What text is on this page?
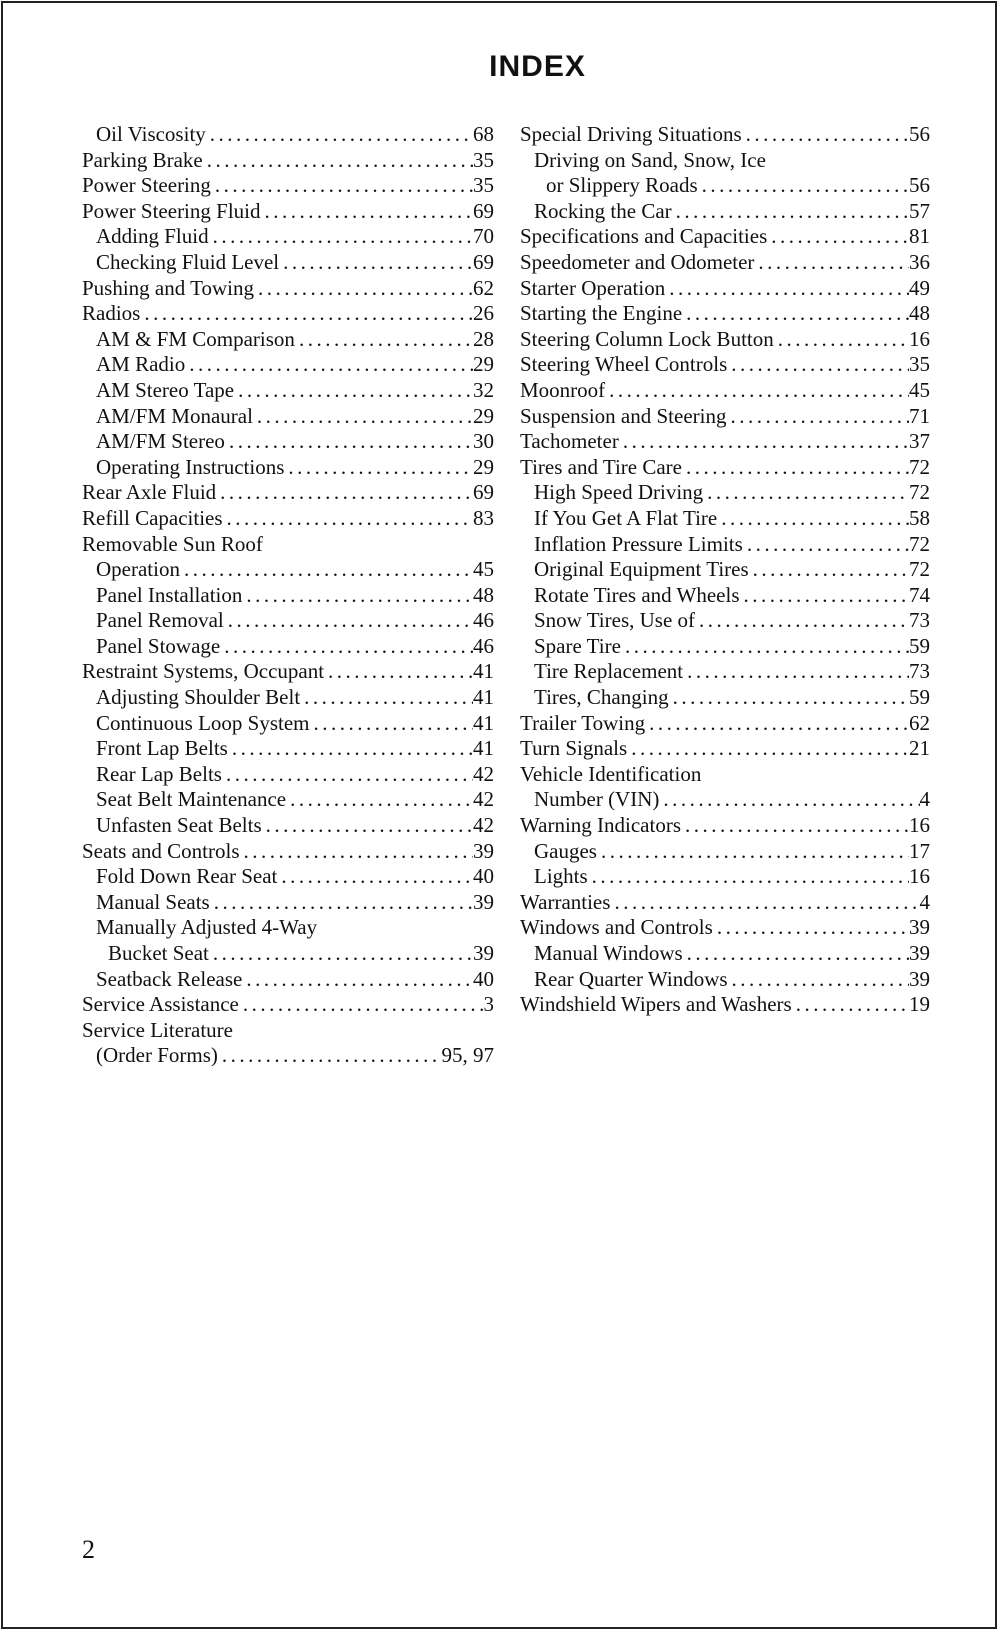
INDEX
Oil Viscosity .....	68
Parking Brake .....	35
Power Steering .....	35
Power Steering Fluid .....	69
Adding Fluid .....	70
Checking Fluid Level .....	69
Pushing and Towing .....	62
Radios .....	26
AM & FM Comparison .....	28
AM Radio .....	29
AM Stereo Tape .....	32
AM/FM Monaural .....	29
AM/FM Stereo .....	30
Operating Instructions .....	29
Rear Axle Fluid .....	69
Refill Capacities .....	83
Removable Sun Roof
Operation .....	45
Panel Installation .....	48
Panel Removal .....	46
Panel Stowage .....	46
Restraint Systems, Occupant .....	41
Adjusting Shoulder Belt .....	41
Continuous Loop System .....	41
Front Lap Belts .....	41
Rear Lap Belts .....	42
Seat Belt Maintenance .....	42
Unfasten Seat Belts .....	42
Seats and Controls .....	39
Fold Down Rear Seat .....	40
Manual Seats .....	39
Manually Adjusted 4-Way
Bucket Seat .....	39
Seatback Release .....	40
Service Assistance .....	3
Service Literature
(Order Forms) .....	95, 97
Special Driving Situations .....	56
Driving on Sand, Snow, Ice
or Slippery Roads .....	56
Rocking the Car .....	57
Specifications and Capacities .....	81
Speedometer and Odometer .....	36
Starter Operation .....	49
Starting the Engine .....	48
Steering Column Lock Button .....	16
Steering Wheel Controls .....	35
Moonroof .....	45
Suspension and Steering .....	71
Tachometer .....	37
Tires and Tire Care .....	72
High Speed Driving .....	72
If You Get A Flat Tire .....	58
Inflation Pressure Limits .....	72
Original Equipment Tires .....	72
Rotate Tires and Wheels .....	74
Snow Tires, Use of .....	73
Spare Tire .....	59
Tire Replacement .....	73
Tires, Changing .....	59
Trailer Towing .....	62
Turn Signals .....	21
Vehicle Identification
Number (VIN) .....	4
Warning Indicators .....	16
Gauges .....	17
Lights .....	16
Warranties .....	4
Windows and Controls .....	39
Manual Windows .....	39
Rear Quarter Windows .....	39
Windshield Wipers and Washers .....	19
2
